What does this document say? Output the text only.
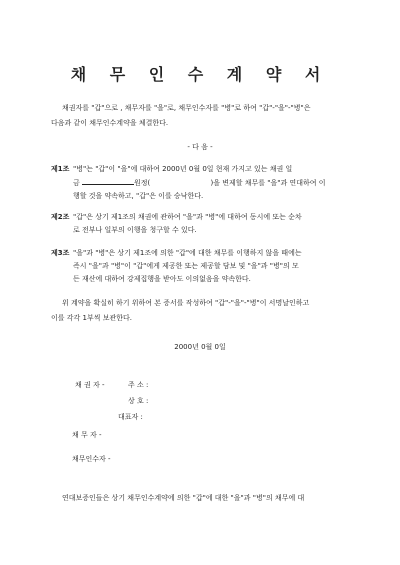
채 무 인 수 계 약 서
채권자를 "갑"으로 , 채무자를 "을"로, 채무인수자를 "병"로 하여 "갑"-"을"-"병"은
다음과 같이 채무인수계약을 체결한다.
- 다 음 -
제1조 "병"는 "갑"이 "을"에 대하여 2000년 0월 0일 현재 가지고 있는 채권 일
금	원정(	)을 변제할 채무를 "을"과 연대하여 이
행할 것을 약속하고, "갑"은 이를 승낙한다.
제2조 "갑"은 상기 제1조의 채권에 관하여 "을"과 "병"에 대하여 동시에 또는 순차
로 전부나 일부의 이행을 청구할 수 있다.
제3조 "을"과 "병"은 상기 제1조에 의한 "갑"에 대한 채무를 이행하지 않을 때에는
즉시 "을"과 "병"이 "갑"에게 제공한 또는 제공할 담보 및 "을"과 "병"의 모
든 재산에 대하여 강제집행을 받아도 이의없음을 약속한다.
위 계약을 확실히 하기 위하여 본 증서를 작성하여 "갑"-"을"-"병"이 서명날인하고
이를 각각 1부씩 보관한다.
2000년 0월 0일
채 권 자 -	주 소 :
상 호 :
대표자 :
채 무 자 -
채무인수자 -
연대보증인들은 상기 채무인수계약에 의한 "갑"에 대한 "을"과 "병"의 채무에 대
